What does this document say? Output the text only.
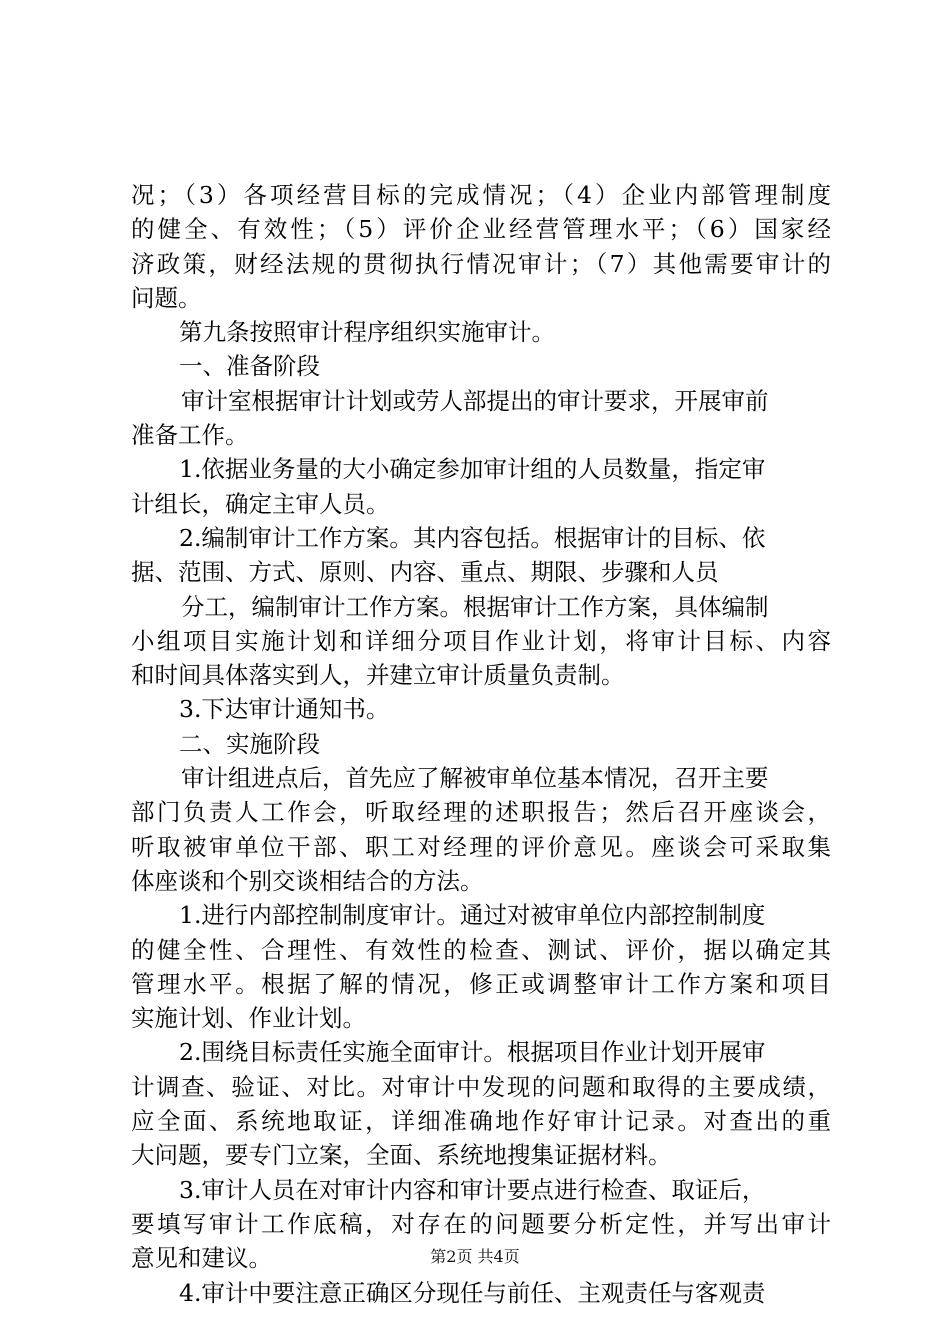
况；（3）各项经营目标的完成情况；（4）企业内部管理制度
的健全、有效性；（5）评价企业经营管理水平；（6）国家经
济政策，财经法规的贯彻执行情况审计；（7）其他需要审计的
问题。
第九条按照审计程序组织实施审计。
一、准备阶段
审计室根据审计计划或劳人部提出的审计要求，开展审前
准备工作。
1.依据业务量的大小确定参加审计组的人员数量，指定审
计组长，确定主审人员。
2.编制审计工作方案。其内容包括。根据审计的目标、依
据、范围、方式、原则、内容、重点、期限、步骤和人员
分工，编制审计工作方案。根据审计工作方案，具体编制
小组项目实施计划和详细分项目作业计划，将审计目标、内容
和时间具体落实到人，并建立审计质量负责制。
3.下达审计通知书。
二、实施阶段
审计组进点后，首先应了解被审单位基本情况，召开主要
部门负责人工作会，听取经理的述职报告；然后召开座谈会，
听取被审单位干部、职工对经理的评价意见。座谈会可采取集
体座谈和个别交谈相结合的方法。
1.进行内部控制制度审计。通过对被审单位内部控制制度
的健全性、合理性、有效性的检查、测试、评价，据以确定其
管理水平。根据了解的情况，修正或调整审计工作方案和项目
实施计划、作业计划。
2.围绕目标责任实施全面审计。根据项目作业计划开展审
计调查、验证、对比。对审计中发现的问题和取得的主要成绩，
应全面、系统地取证，详细准确地作好审计记录。对查出的重
大问题，要专门立案，全面、系统地搜集证据材料。
3.审计人员在对审计内容和审计要点进行检查、取证后，
要填写审计工作底稿，对存在的问题要分析定性，并写出审计
意见和建议。
4.审计中要注意正确区分现任与前任、主观责任与客观责
第2页 共4页
